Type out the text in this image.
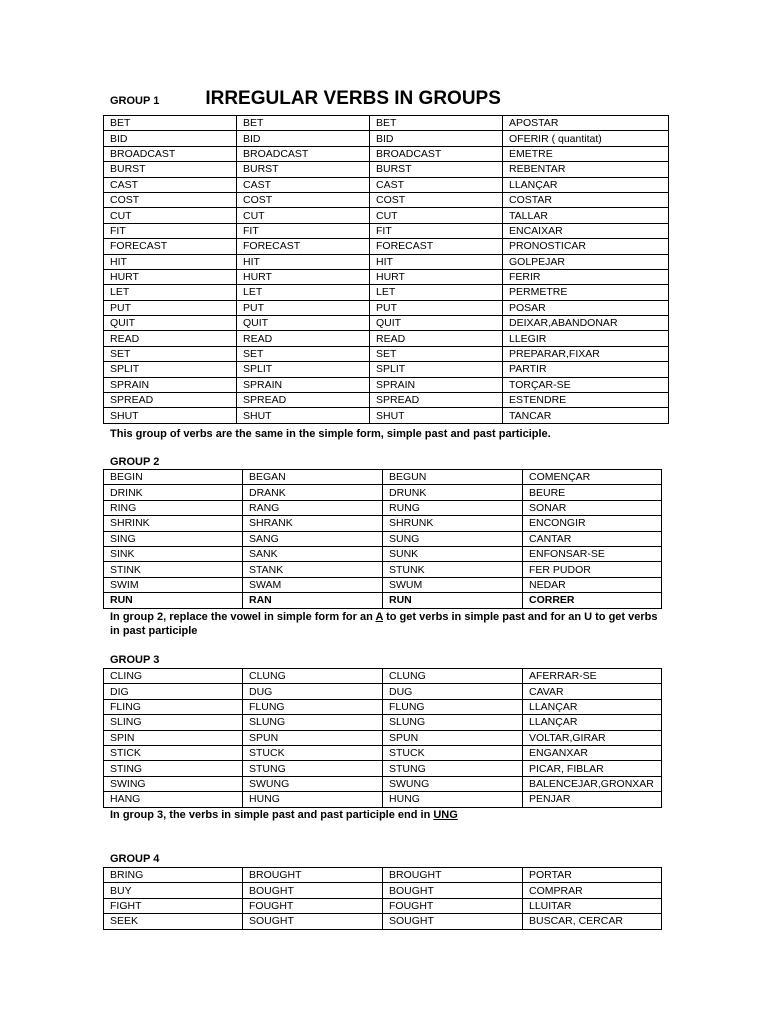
GROUP 1 IRREGULAR VERBS IN GROUPS
BET	BET	BET	APOSTAR
BID	BID	BID	OFERIR ( quantitat)
BROADCAST	BROADCAST	BROADCAST	EMETRE
BURST	BURST	BURST	REBENTAR
CAST	CAST	CAST	LLANÇAR
COST	COST	COST	COSTAR
CUT	CUT	CUT	TALLAR
FIT	FIT	FIT	ENCAIXAR
FORECAST	FORECAST	FORECAST	PRONOSTICAR
HIT	HIT	HIT	GOLPEJAR
HURT	HURT	HURT	FERIR
LET	LET	LET	PERMETRE
PUT	PUT	PUT	POSAR
QUIT	QUIT	QUIT	DEIXAR,ABANDONAR
READ	READ	READ	LLEGIR
SET	SET	SET	PREPARAR,FIXAR
SPLIT	SPLIT	SPLIT	PARTIR
SPRAIN	SPRAIN	SPRAIN	TORÇAR-SE
SPREAD	SPREAD	SPREAD	ESTENDRE
SHUT	SHUT	SHUT	TANCAR
This group of verbs are the same in the simple form, simple past and past participle.
GROUP 2
BEGIN	BEGAN	BEGUN	COMENÇAR
DRINK	DRANK	DRUNK	BEURE
RING	RANG	RUNG	SONAR
SHRINK	SHRANK	SHRUNK	ENCONGIR
SING	SANG	SUNG	CANTAR
SINK	SANK	SUNK	ENFONSAR-SE
STINK	STANK	STUNK	FER PUDOR
SWIM	SWAM	SWUM	NEDAR
RUN	RAN	RUN	CORRER
In group 2, replace the vowel in simple form for an A to get verbs in simple past and for an U to get verbs in past participle
GROUP 3
CLING	CLUNG	CLUNG	AFERRAR-SE
DIG	DUG	DUG	CAVAR
FLING	FLUNG	FLUNG	LLANÇAR
SLING	SLUNG	SLUNG	LLANÇAR
SPIN	SPUN	SPUN	VOLTAR,GIRAR
STICK	STUCK	STUCK	ENGANXAR
STING	STUNG	STUNG	PICAR, FIBLAR
SWING	SWUNG	SWUNG	BALENCEJAR,GRONXAR
HANG	HUNG	HUNG	PENJAR
In group 3, the verbs in simple past and past participle end in UNG
GROUP 4
BRING	BROUGHT	BROUGHT	PORTAR
BUY	BOUGHT	BOUGHT	COMPRAR
FIGHT	FOUGHT	FOUGHT	LLUITAR
SEEK	SOUGHT	SOUGHT	BUSCAR, CERCAR
